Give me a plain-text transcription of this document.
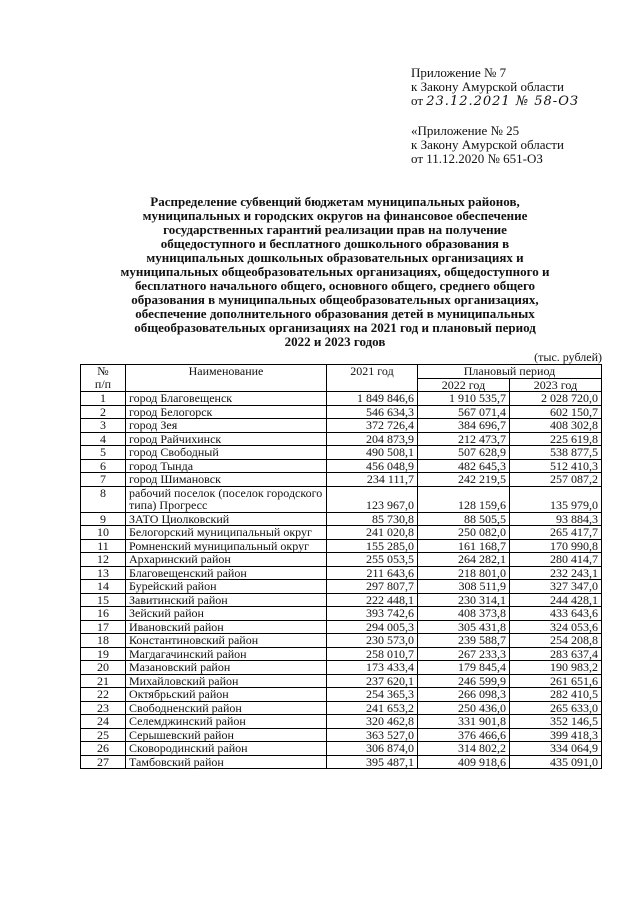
Приложение № 7
к Закону Амурской области
от 23.12.2021 № 58-ОЗ
«Приложение № 25
к Закону Амурской области
от 11.12.2020 № 651-ОЗ
Распределение субвенций бюджетам муниципальных районов,
муниципальных и городских округов на финансовое обеспечение
государственных гарантий реализации прав на получение
общедоступного и бесплатного дошкольного образования в
муниципальных дошкольных образовательных организациях и
муниципальных общеобразовательных организациях, общедоступного и
бесплатного начального общего, основного общего, среднего общего
образования в муниципальных общеобразовательных организациях,
обеспечение дополнительного образования детей в муниципальных
общеобразовательных организациях на 2021 год и плановый период
2022 и 2023 годов
(тыс. рублей)
№
п/п	Наименование	2021 год	Плановый период	
			2022 год	2023 год
1	город Благовещенск	1 849 846,6	1 910 535,7	2 028 720,0
2	город Белогорск	546 634,3	567 071,4	602 150,7
3	город Зея	372 726,4	384 696,7	408 302,8
4	город Райчихинск	204 873,9	212 473,7	225 619,8
5	город Свободный	490 508,1	507 628,9	538 877,5
6	город Тында	456 048,9	482 645,3	512 410,3
7	город Шимановск	234 111,7	242 219,5	257 087,2
8	рабочий поселок (поселок городского типа) Прогресс	123 967,0	128 159,6	135 979,0
9	ЗАТО Циолковский	85 730,8	88 505,5	93 884,3
10	Белогорский муниципальный округ	241 020,8	250 082,0	265 417,7
11	Ромненский муниципальный округ	155 285,0	161 168,7	170 990,8
12	Архаринский район	255 053,5	264 282,1	280 414,7
13	Благовещенский район	211 643,6	218 801,0	232 243,1
14	Бурейский район	297 807,7	308 511,9	327 347,0
15	Завитинский район	222 448,1	230 314,1	244 428,1
16	Зейский район	393 742,6	408 373,8	433 643,6
17	Ивановский район	294 005,3	305 431,8	324 053,6
18	Константиновский район	230 573,0	239 588,7	254 208,8
19	Магдагачинский район	258 010,7	267 233,3	283 637,4
20	Мазановский район	173 433,4	179 845,4	190 983,2
21	Михайловский район	237 620,1	246 599,9	261 651,6
22	Октябрьский район	254 365,3	266 098,3	282 410,5
23	Свободненский район	241 653,2	250 436,0	265 633,0
24	Селемджинский район	320 462,8	331 901,8	352 146,5
25	Серышевский район	363 527,0	376 466,6	399 418,3
26	Сковородинский район	306 874,0	314 802,2	334 064,9
27	Тамбовский район	395 487,1	409 918,6	435 091,0
